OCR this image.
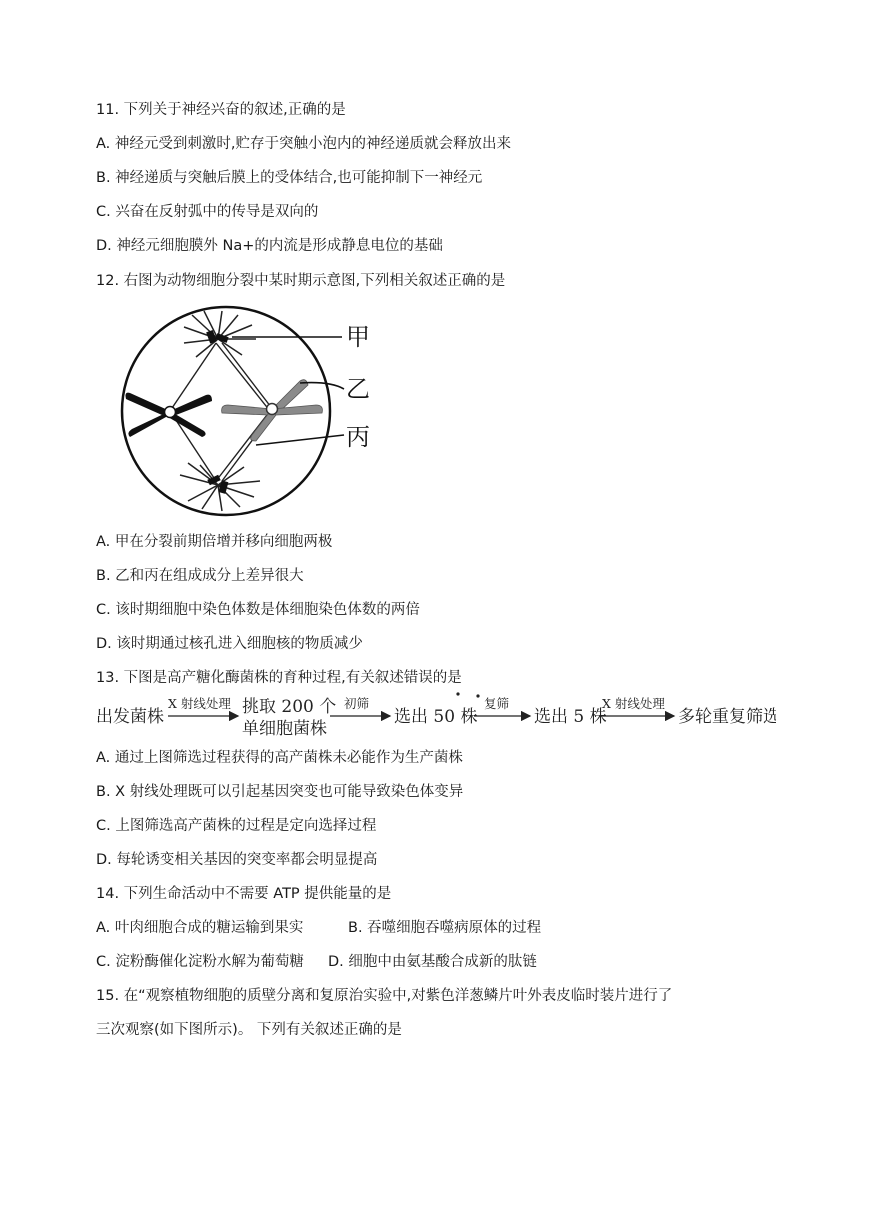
11. 下列关于神经兴奋的叙述,正确的是
A. 神经元受到刺激时,贮存于突触小泡内的神经递质就会释放出来
B. 神经递质与突触后膜上的受体结合,也可能抑制下一神经元
C. 兴奋在反射弧中的传导是双向的
D. 神经元细胞膜外 Na+的内流是形成静息电位的基础
12. 右图为动物细胞分裂中某时期示意图,下列相关叙述正确的是
甲
乙
丙
A. 甲在分裂前期倍增并移向细胞两极
B. 乙和丙在组成成分上差异很大
C. 该时期细胞中染色体数是体细胞染色体数的两倍
D. 该时期通过核孔进入细胞核的物质减少
13. 下图是高产糖化酶菌株的育种过程,有关叙述错误的是
出发菌株
X 射线处理 挑取 200 个
单细胞菌株
初筛
选出 50 株
复筛
选出 5 株
X 射线处理
多轮重复筛选
A. 通过上图筛选过程获得的高产菌株未必能作为生产菌株
B. X 射线处理既可以引起基因突变也可能导致染色体变异
C. 上图筛选高产菌株的过程是定向选择过程
D. 每轮诱变相关基因的突变率都会明显提高
14. 下列生命活动中不需要 ATP 提供能量的是
A. 叶肉细胞合成的糖运输到果实	B. 吞噬细胞吞噬病原体的过程
C. 淀粉酶催化淀粉水解为葡萄糖 D. 细胞中由氨基酸合成新的肽链
15. 在“观察植物细胞的质壁分离和复原治实验中,对紫色洋葱鳞片叶外表皮临时装片进行了
三次观察(如下图所示)。 下列有关叙述正确的是
